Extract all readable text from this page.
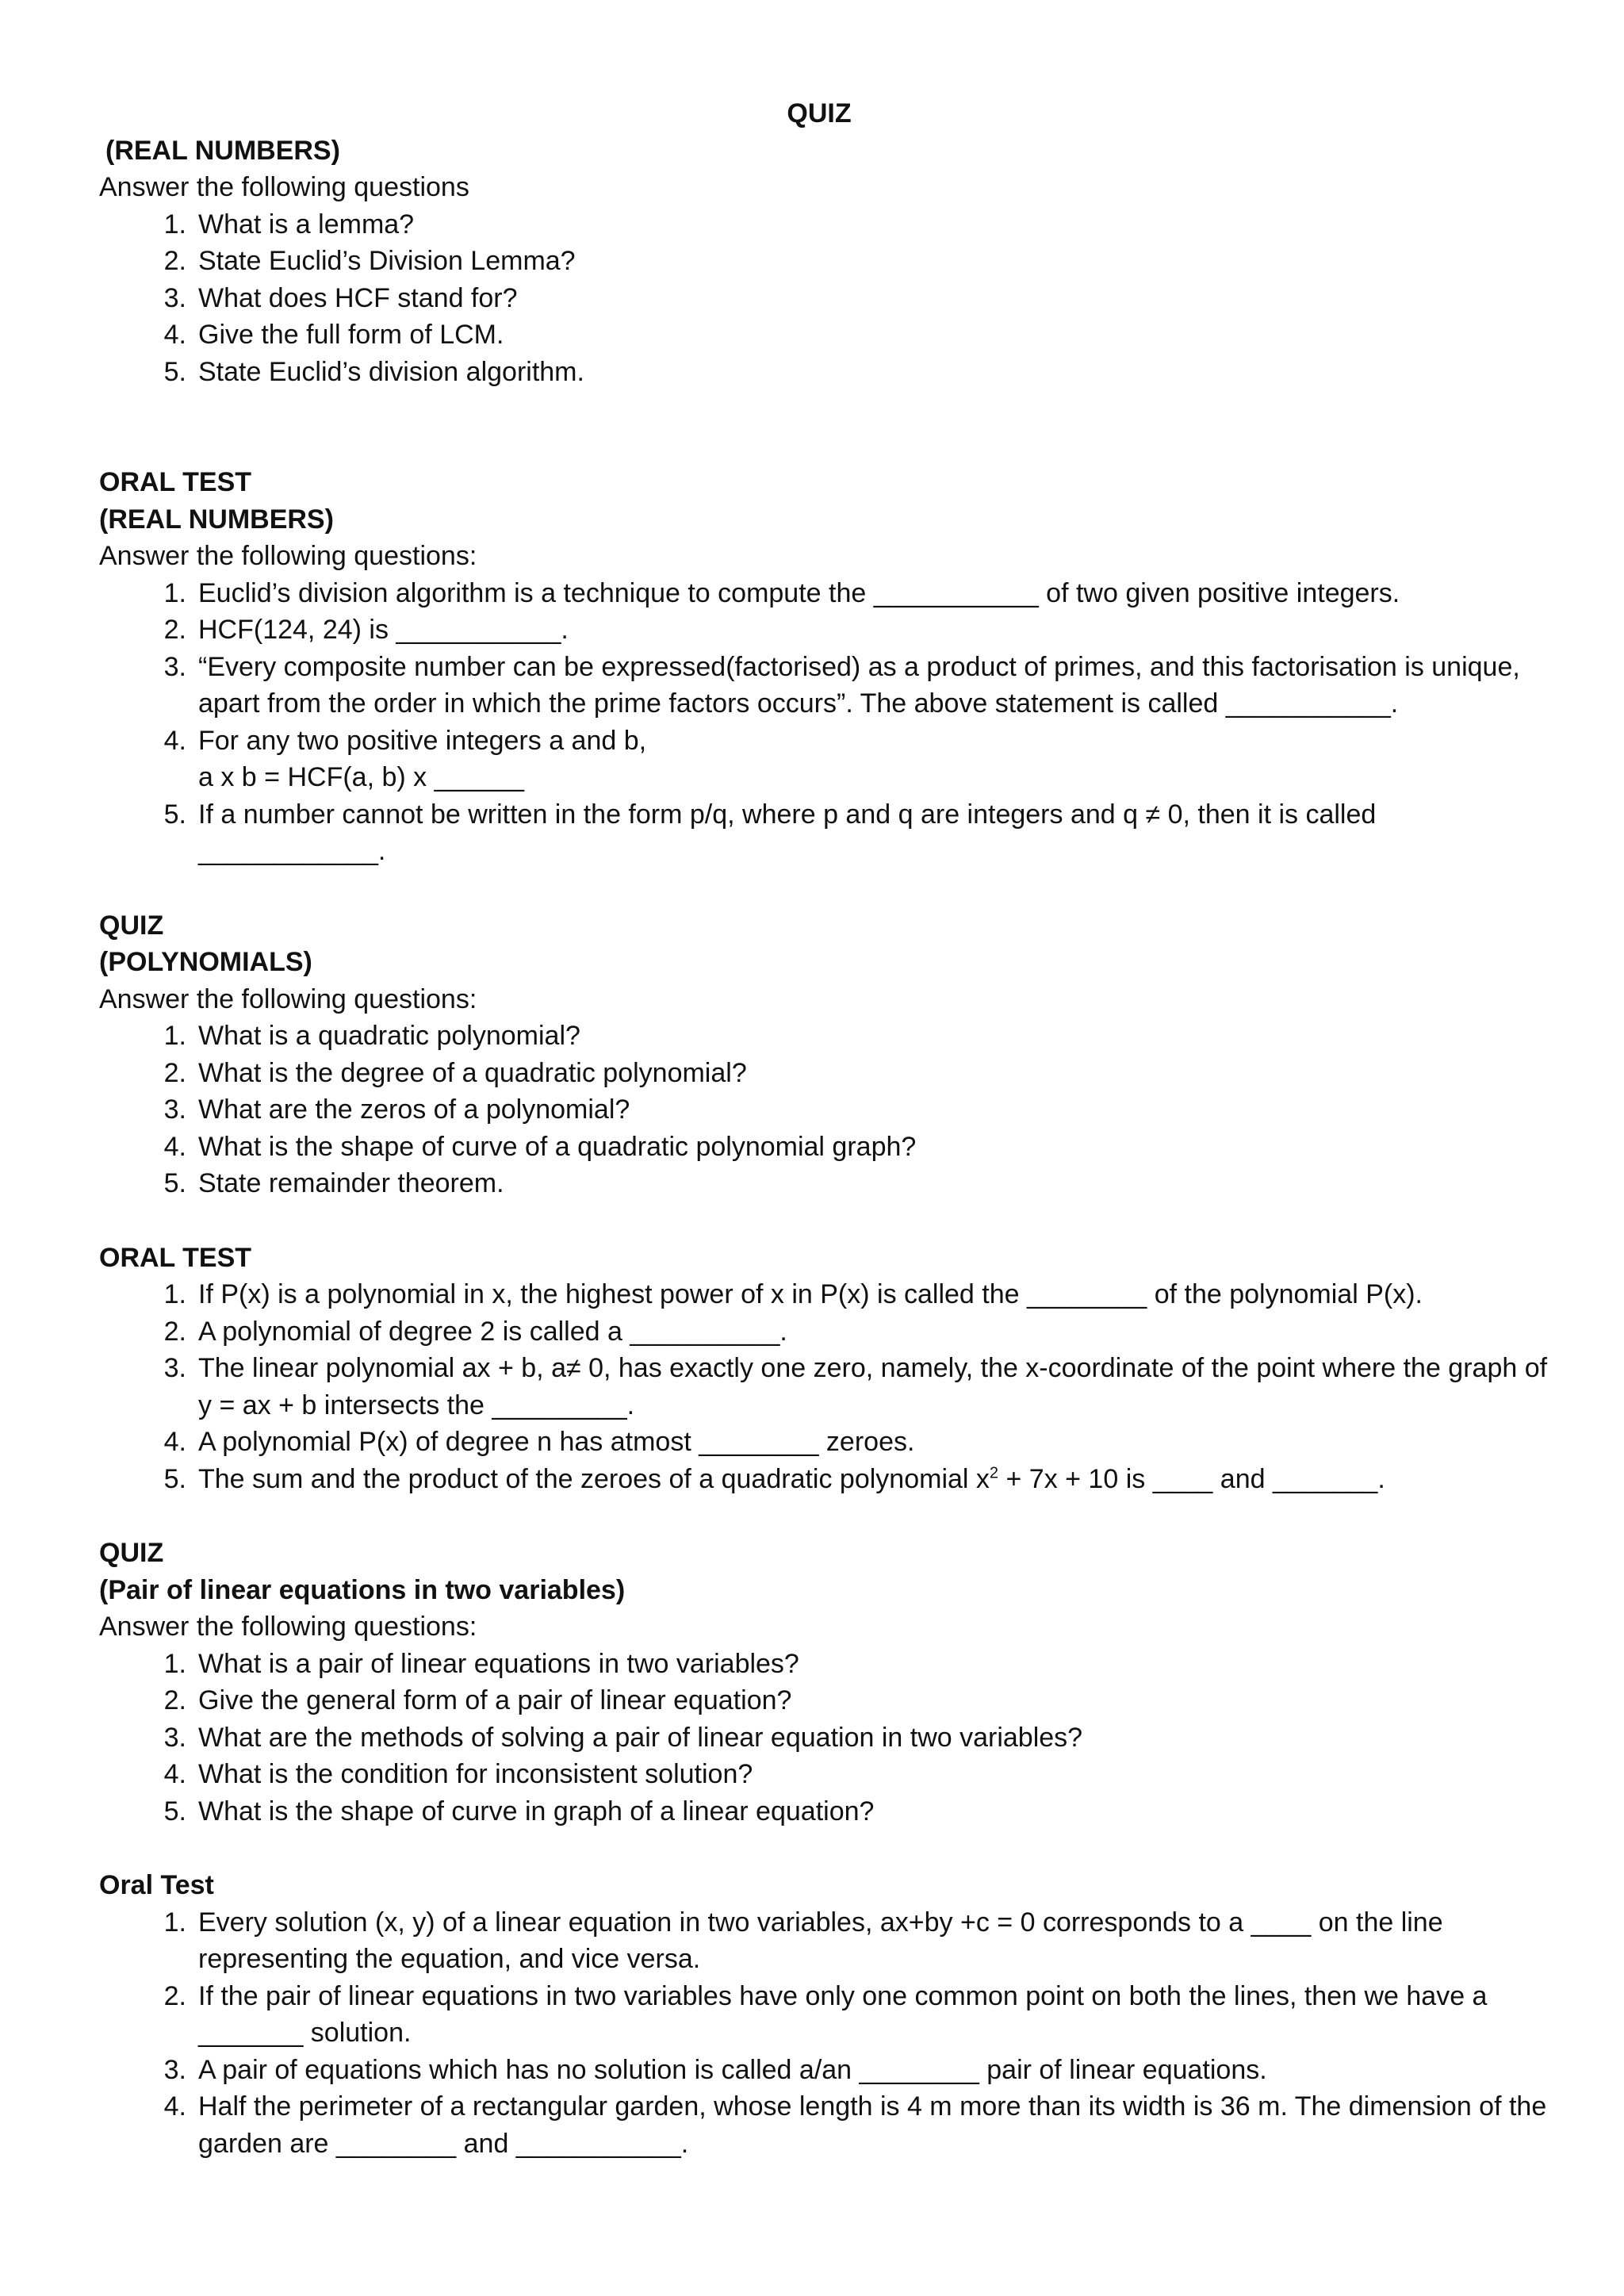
QUIZ
(REAL NUMBERS)
Answer the following questions
1. What is a lemma?
2. State Euclid’s Division Lemma?
3. What does HCF stand for?
4. Give the full form of LCM.
5. State Euclid’s division algorithm.
ORAL TEST
(REAL NUMBERS)
Answer the following questions:
1. Euclid’s division algorithm is a technique to compute the ___________ of two given positive integers.
2. HCF(124, 24) is ___________.
3. “Every composite number can be expressed(factorised) as a product of primes, and this factorisation is unique, apart from the order in which the prime factors occurs”. The above statement is called ___________.
4. For any two positive integers a and b,
a x b = HCF(a, b) x ______
5. If a number cannot be written in the form p/q, where p and q are integers and q ≠ 0, then it is called ____________.
QUIZ
(POLYNOMIALS)
Answer the following questions:
1. What is a quadratic polynomial?
2. What is the degree of a quadratic polynomial?
3. What are the zeros of a polynomial?
4. What is the shape of curve of a quadratic polynomial graph?
5. State remainder theorem.
ORAL TEST
1. If P(x) is a polynomial in x, the highest power of x in P(x) is called the ________ of the polynomial P(x).
2. A polynomial of degree 2 is called a __________.
3. The linear polynomial ax + b, a≠ 0, has exactly one zero, namely, the x-coordinate of the point where the graph of y = ax + b intersects the _________.
4. A polynomial P(x) of degree n has atmost ________ zeroes.
5. The sum and the product of the zeroes of a quadratic polynomial $x^2 + 7x + 10$ is ____ and _______.
QUIZ
(Pair of linear equations in two variables)
Answer the following questions:
1. What is a pair of linear equations in two variables?
2. Give the general form of a pair of linear equation?
3. What are the methods of solving a pair of linear equation in two variables?
4. What is the condition for inconsistent solution?
5. What is the shape of curve in graph of a linear equation?
Oral Test
1. Every solution (x, y) of a linear equation in two variables, ax+by +c = 0 corresponds to a ____ on the line representing the equation, and vice versa.
2. If the pair of linear equations in two variables have only one common point on both the lines, then we have a _______ solution.
3. A pair of equations which has no solution is called a/an ________ pair of linear equations.
4. Half the perimeter of a rectangular garden, whose length is 4 m more than its width is 36 m. The dimension of the garden are ________ and ___________.
